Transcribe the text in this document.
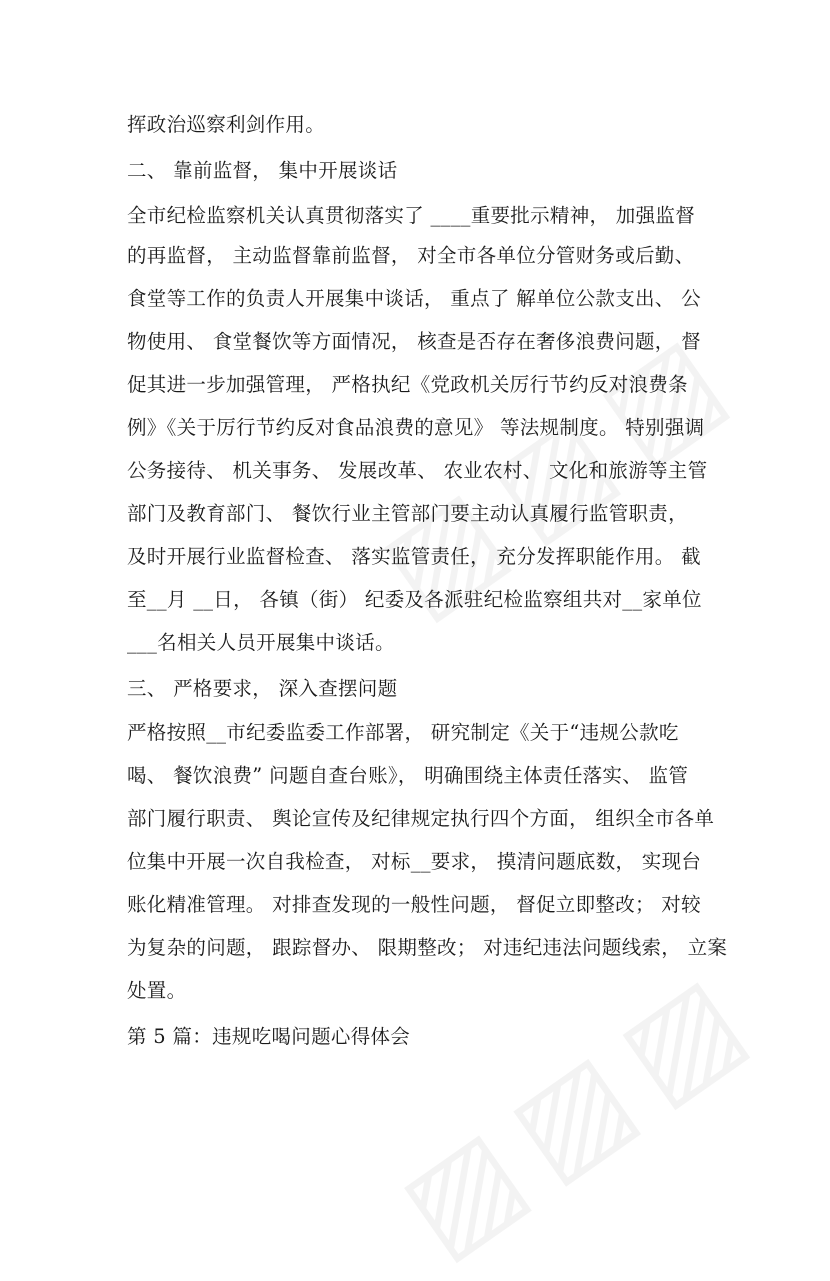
挥政治巡察利剑作用。
二、 靠前监督， 集中开展谈话
全市纪检监察机关认真贯彻落实了 ____重要批示精神， 加强监督
的再监督， 主动监督靠前监督， 对全市各单位分管财务或后勤、
食堂等工作的负责人开展集中谈话， 重点了 解单位公款支出、 公
物使用、 食堂餐饮等方面情况， 核查是否存在奢侈浪费问题， 督
促其进一步加强管理， 严格执纪《党政机关厉行节约反对浪费条
例》《关于厉行节约反对食品浪费的意见》 等法规制度。 特别强调
公务接待、 机关事务、 发展改革、 农业农村、 文化和旅游等主管
部门及教育部门、 餐饮行业主管部门要主动认真履行监管职责，
及时开展行业监督检查、 落实监管责任， 充分发挥职能作用。 截
至__月 __日， 各镇（街） 纪委及各派驻纪检监察组共对__家单位
___名相关人员开展集中谈话。
三、 严格要求， 深入查摆问题
严格按照__市纪委监委工作部署， 研究制定《关于“违规公款吃
喝、 餐饮浪费” 问题自查台账》， 明确围绕主体责任落实、 监管
部门履行职责、 舆论宣传及纪律规定执行四个方面， 组织全市各单
位集中开展一次自我检查， 对标__要求， 摸清问题底数， 实现台
账化精准管理。 对排查发现的一般性问题， 督促立即整改； 对较
为复杂的问题， 跟踪督办、 限期整改； 对违纪违法问题线索， 立案
处置。
第 5 篇：违规吃喝问题心得体会
